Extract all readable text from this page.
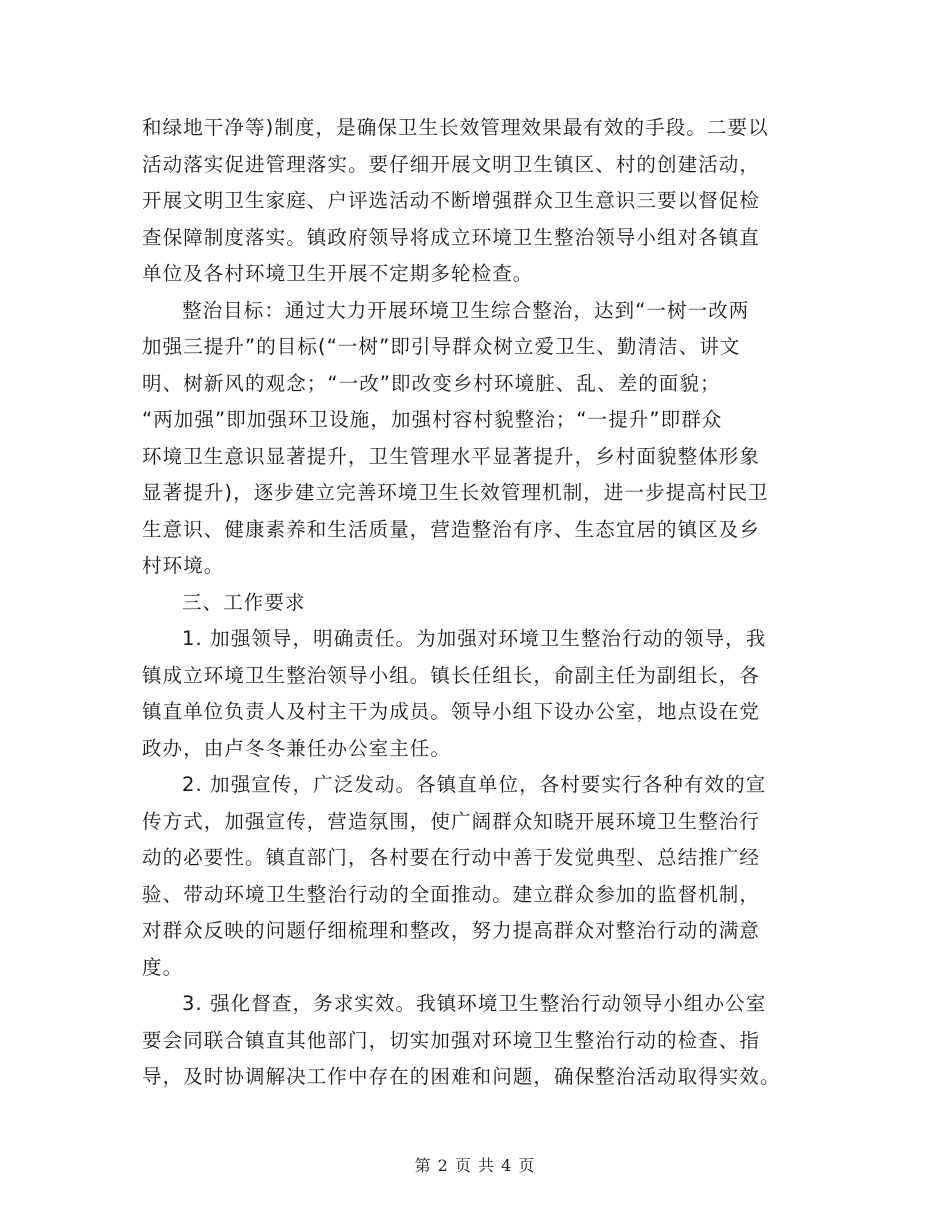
和绿地干净等)制度，是确保卫生长效管理效果最有效的手段。二要以
活动落实促进管理落实。要仔细开展文明卫生镇区、村的创建活动，
开展文明卫生家庭、户评选活动不断增强群众卫生意识三要以督促检
查保障制度落实。镇政府领导将成立环境卫生整治领导小组对各镇直
单位及各村环境卫生开展不定期多轮检查。
整治目标：通过大力开展环境卫生综合整治，达到“一树一改两
加强三提升”的目标(“一树”即引导群众树立爱卫生、勤清洁、讲文
明、树新风的观念；“一改”即改变乡村环境脏、乱、差的面貌；
“两加强”即加强环卫设施，加强村容村貌整治；“一提升”即群众
环境卫生意识显著提升，卫生管理水平显著提升，乡村面貌整体形象
显著提升)，逐步建立完善环境卫生长效管理机制，进一步提高村民卫
生意识、健康素养和生活质量，营造整治有序、生态宜居的镇区及乡
村环境。
三、工作要求
1. 加强领导，明确责任。为加强对环境卫生整治行动的领导，我
镇成立环境卫生整治领导小组。镇长任组长，俞副主任为副组长，各
镇直单位负责人及村主干为成员。领导小组下设办公室，地点设在党
政办，由卢冬冬兼任办公室主任。
2. 加强宣传，广泛发动。各镇直单位，各村要实行各种有效的宣
传方式，加强宣传，营造氛围，使广阔群众知晓开展环境卫生整治行
动的必要性。镇直部门，各村要在行动中善于发觉典型、总结推广经
验、带动环境卫生整治行动的全面推动。建立群众参加的监督机制，
对群众反映的问题仔细梳理和整改，努力提高群众对整治行动的满意
度。
3. 强化督查，务求实效。我镇环境卫生整治行动领导小组办公室
要会同联合镇直其他部门，切实加强对环境卫生整治行动的检查、指
导，及时协调解决工作中存在的困难和问题，确保整治活动取得实效。

第 2 页 共 4 页
